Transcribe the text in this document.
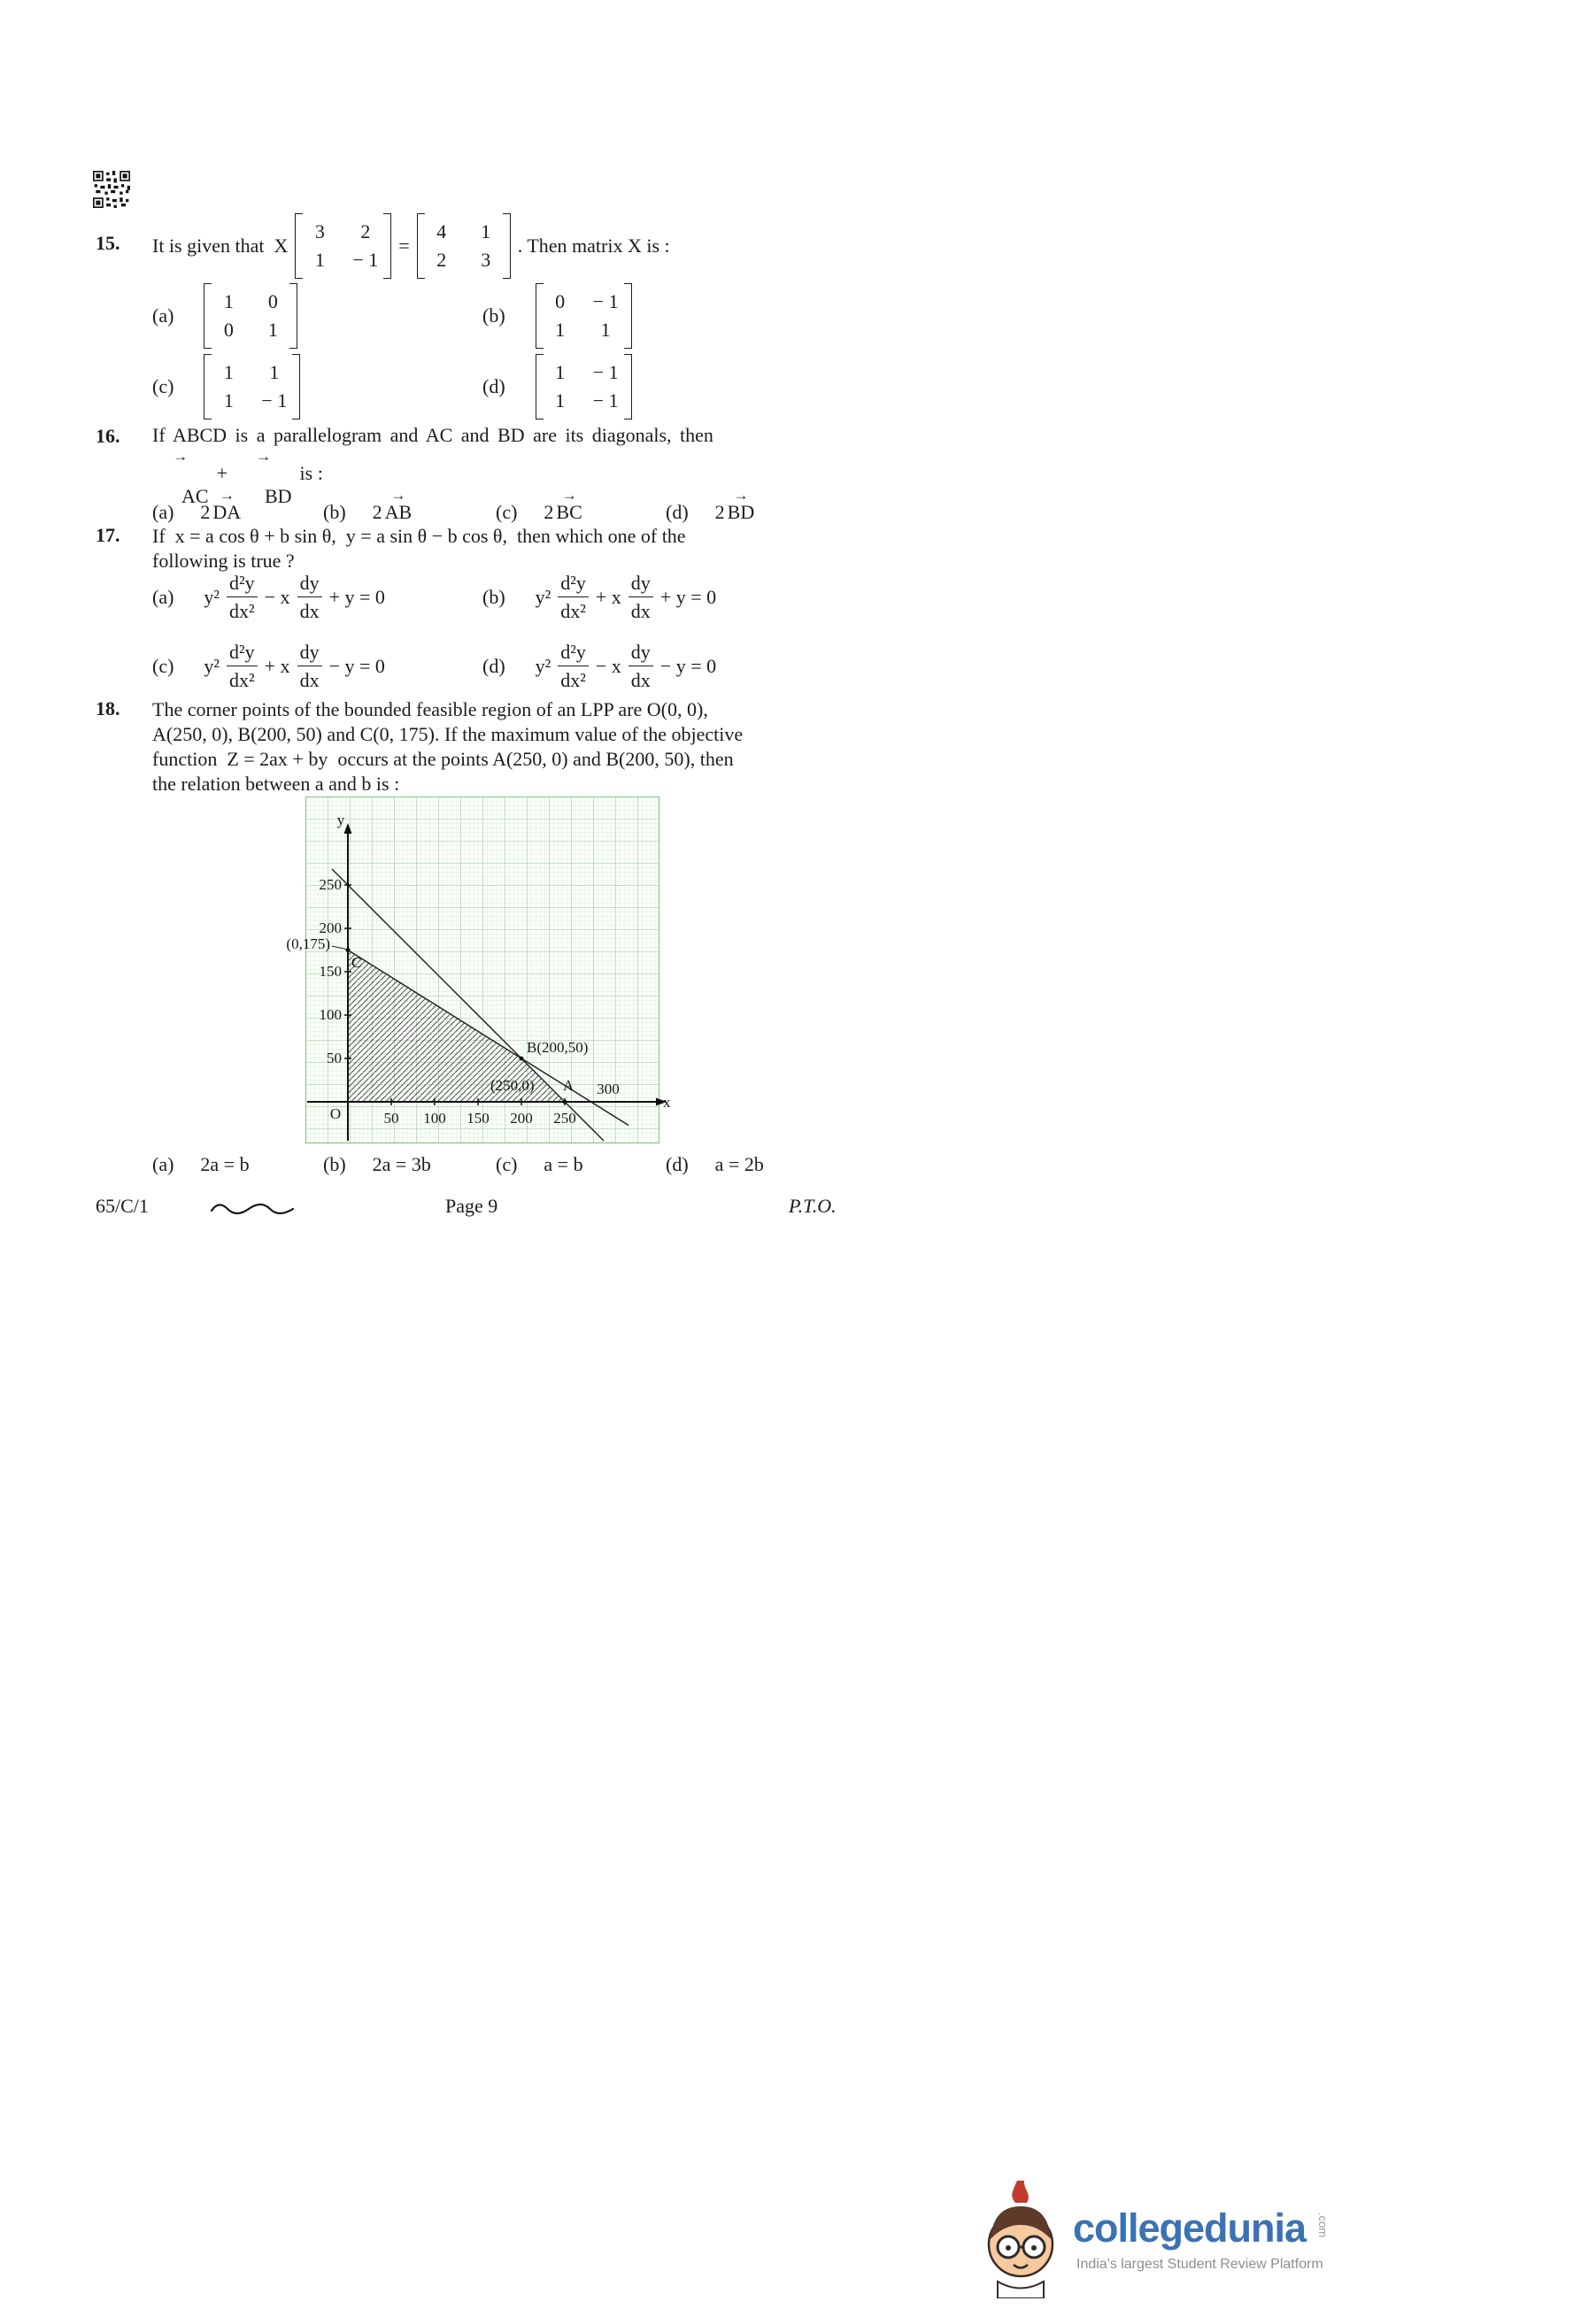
15. It is given that  X
3	2
1	− 1
=
4	1
2	3
. Then matrix X is :
(a)
1	0
0	1
(b)
0	− 1
1	1
(c)
1	1
1	− 1
(d)
1	− 1
1	− 1
16. If ABCD is a parallelogram and AC and BD are its diagonals, then

→
AC

+

→
BD

is :
(a) 2
→
DA	(b) 2
→
AB	(c) 2
→
BC	(d) 2
→
BD
17. If  x = a cos θ + b sin θ,  y = a sin θ − b cos θ,  then which one of the
following is true ?
(a) $y^2 \frac{\text{d²y}}{\text{dx²}} - x \frac{dy}{dx} + y = 0$	(b) $y^2 \frac{\text{d²y}}{\text{dx²}} + x \frac{dy}{dx} + y = 0$
(c) $y^2 \frac{\text{d²y}}{\text{dx²}} + x \frac{dy}{dx} - y = 0$	(d) $y^2 \frac{\text{d²y}}{\text{dx²}} - x \frac{dy}{dx} - y = 0$
18. The corner points of the bounded feasible region of an LPP are O(0, 0),
A(250, 0), B(200, 50) and C(0, 175). If the maximum value of the objective
function  Z = 2ax + by  occurs at the points A(250, 0) and B(200, 50), then
the relation between a and b is :
y
x
250
200
150
100
50
50 100 150 200 250
300
(0,175)
C
B(200,50)
(250,0) A
O
(a) 2a = b	(b) 2a = 3b	(c) a = b	(d) a = 2b
65/C/1	Page 9	P.T.O.
collegedunia .com
India's largest Student Review Platform
